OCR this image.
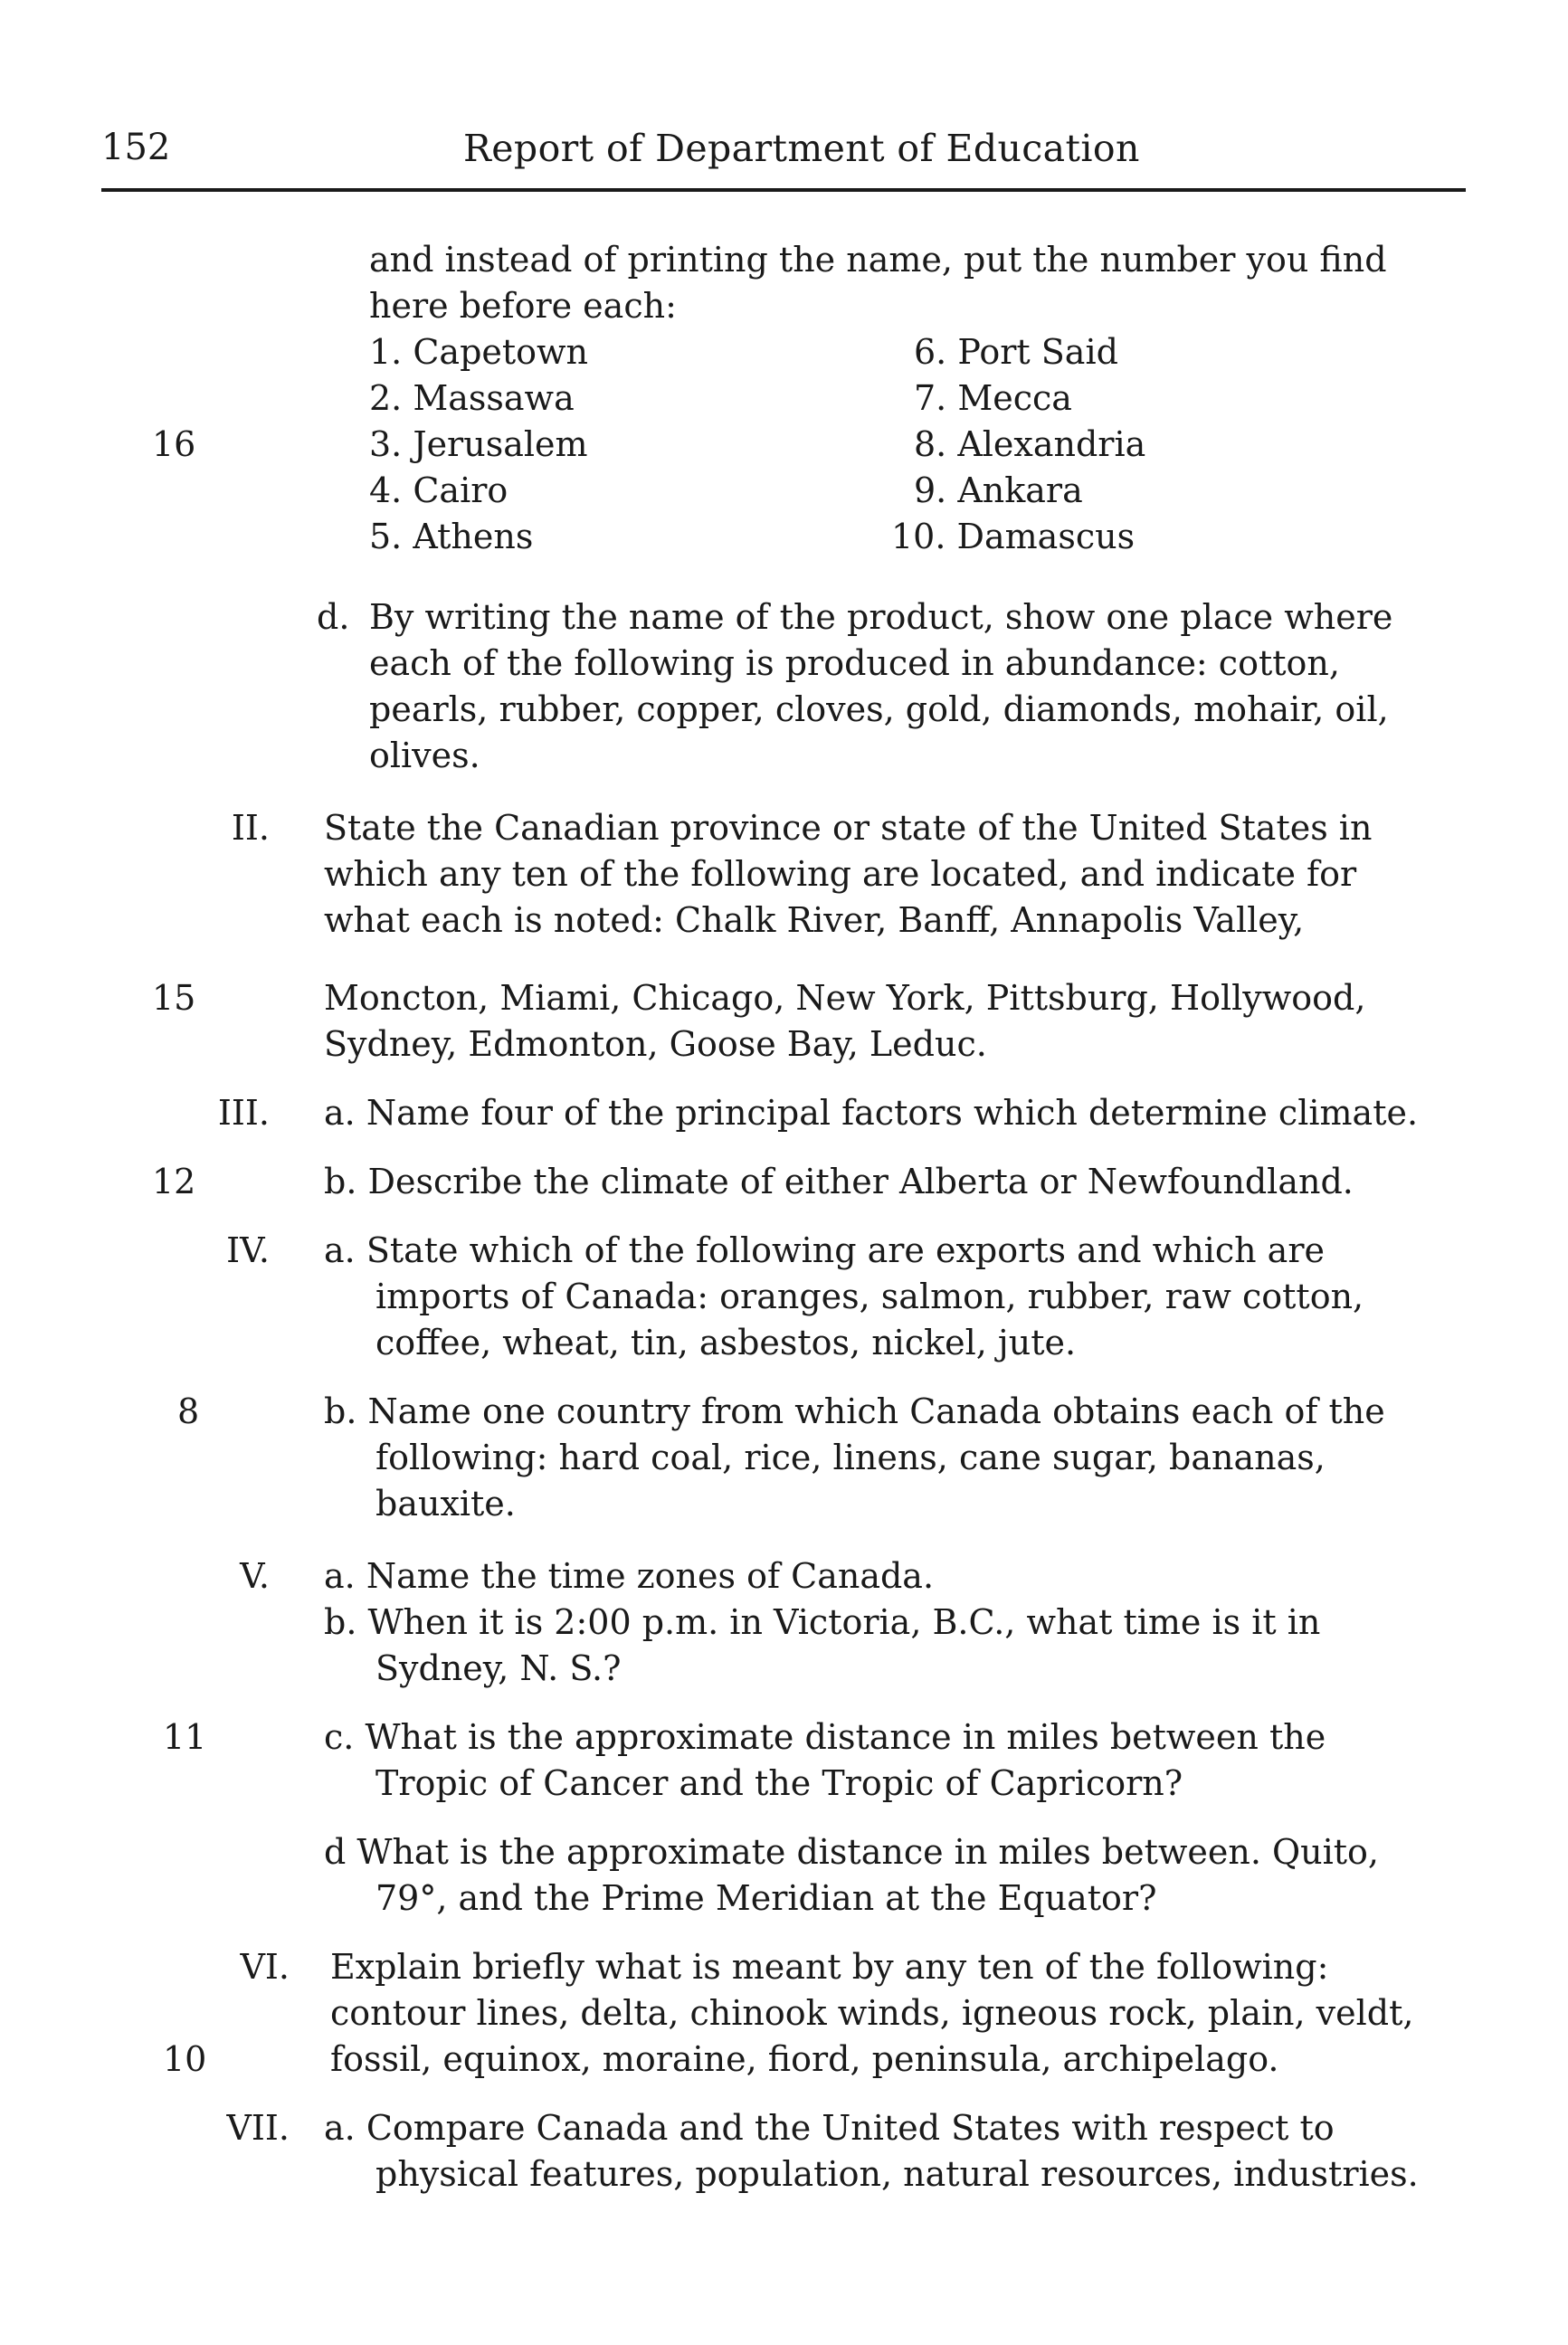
152	Report of Department of Education
and instead of printing the name, put the number you find
here before each:
1. Capetown
2. Massawa
3. Jerusalem
4. Cairo
5. Athens
6. Port Said
7. Mecca
8. Alexandria
9. Ankara
10. Damascus
16
d. By writing the name of the product, show one place where
each of the following is produced in abundance: cotton,
pearls, rubber, copper, cloves, gold, diamonds, mohair, oil,
olives.
II. State the Canadian province or state of the United States in
which any ten of the following are located, and indicate for
what each is noted: Chalk River, Banff, Annapolis Valley,
15	Moncton, Miami, Chicago, New York, Pittsburg, Hollywood,
Sydney, Edmonton, Goose Bay, Leduc.
III. a. Name four of the principal factors which determine climate.
12	b. Describe the climate of either Alberta or Newfoundland.
IV. a. State which of the following are exports and which are
imports of Canada: oranges, salmon, rubber, raw cotton,
coffee, wheat, tin, asbestos, nickel, jute.
8	b. Name one country from which Canada obtains each of the
following: hard coal, rice, linens, cane sugar, bananas,
bauxite.
V. a. Name the time zones of Canada.
b. When it is 2:00 p.m. in Victoria, B.C., what time is it in
Sydney, N. S.?
11	c. What is the approximate distance in miles between the
Tropic of Cancer and the Tropic of Capricorn?
d What is the approximate distance in miles between. Quito,
79°, and the Prime Meridian at the Equator?
VI. Explain briefly what is meant by any ten of the following:
contour lines, delta, chinook winds, igneous rock, plain, veldt,
10	fossil, equinox, moraine, fiord, peninsula, archipelago.
VII. a. Compare Canada and the United States with respect to
physical features, population, natural resources, industries.
